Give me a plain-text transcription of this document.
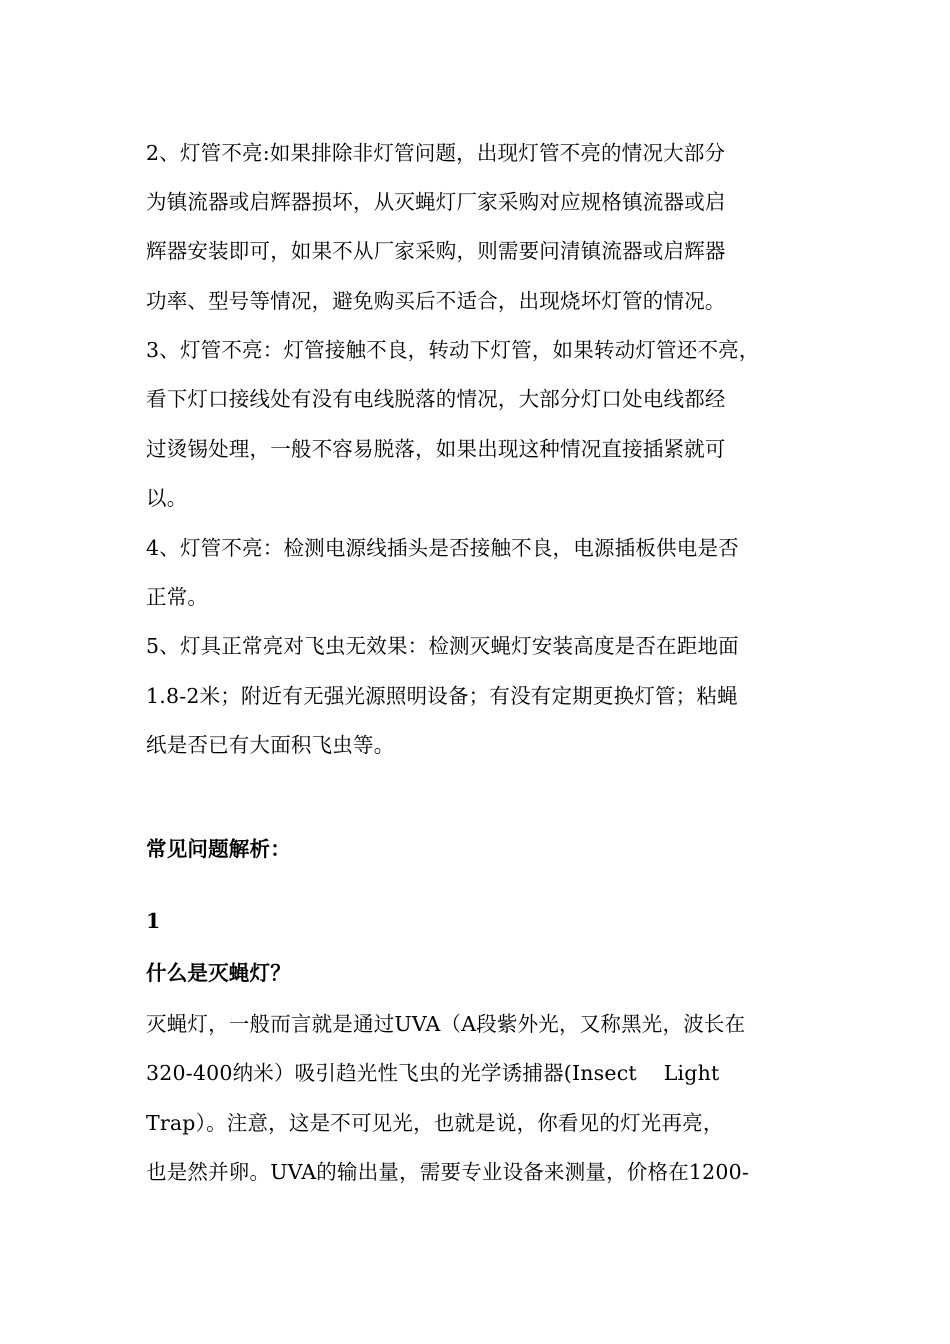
2、灯管不亮:如果排除非灯管问题，出现灯管不亮的情况大部分
为镇流器或启辉器损坏，从灭蝇灯厂家采购对应规格镇流器或启
辉器安装即可，如果不从厂家采购，则需要问清镇流器或启辉器
功率、型号等情况，避免购买后不适合，出现烧坏灯管的情况。
3、灯管不亮：灯管接触不良，转动下灯管，如果转动灯管还不亮，
看下灯口接线处有没有电线脱落的情况，大部分灯口处电线都经
过烫锡处理，一般不容易脱落，如果出现这种情况直接插紧就可
以。
4、灯管不亮：检测电源线插头是否接触不良，电源插板供电是否
正常。
5、灯具正常亮对飞虫无效果：检测灭蝇灯安装高度是否在距地面
1.8-2米；附近有无强光源照明设备；有没有定期更换灯管；粘蝇
纸是否已有大面积飞虫等。
常见问题解析：
1
什么是灭蝇灯？
灭蝇灯，一般而言就是通过UVA（A段紫外光，又称黑光，波长在
320-400纳米）吸引趋光性飞虫的光学诱捕器(Insect    Light
Trap）。注意，这是不可见光，也就是说，你看见的灯光再亮，
也是然并卵。UVA的输出量，需要专业设备来测量，价格在1200-
